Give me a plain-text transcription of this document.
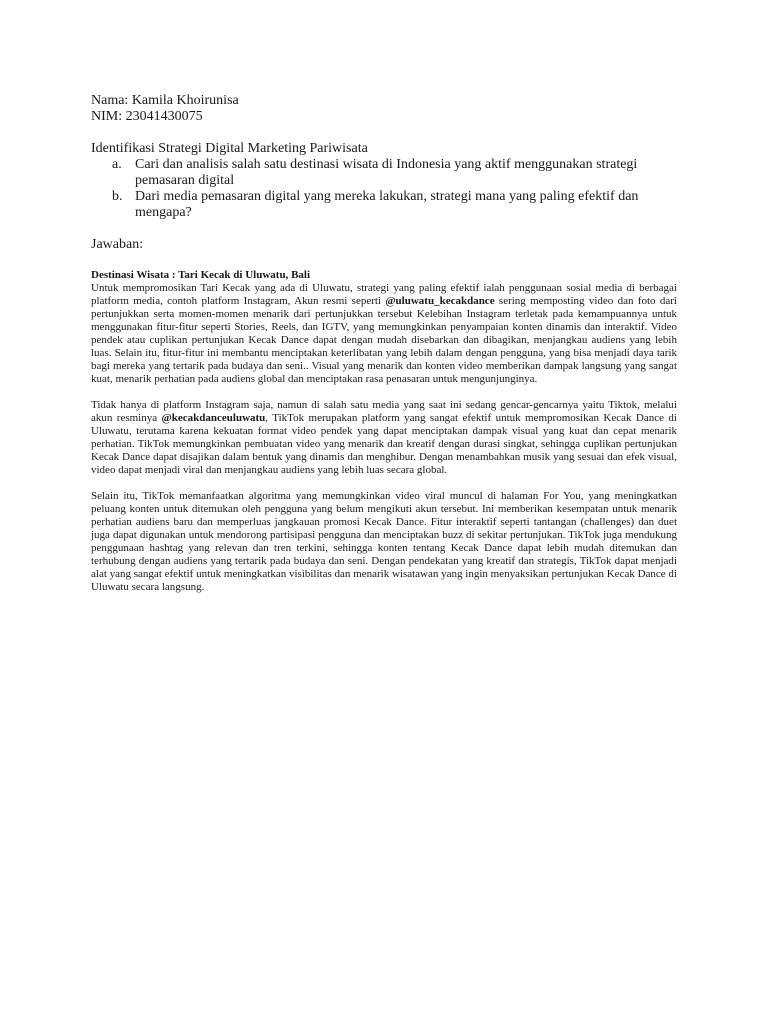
Nama: Kamila Khoirunisa

NIM: 23041430075

Identifikasi Strategi Digital Marketing Pariwisata

a. Cari dan analisis salah satu destinasi wisata di Indonesia yang aktif menggunakan strategi pemasaran digital
b. Dari media pemasaran digital yang mereka lakukan, strategi mana yang paling efektif dan mengapa?

Jawaban:

Destinasi Wisata : Tari Kecak di Uluwatu, Bali

Untuk mempromosikan Tari Kecak yang ada di Uluwatu, strategi yang paling efektif ialah penggunaan sosial media di berbagai platform media, contoh platform Instagram, Akun resmi seperti @uluwatu_kecakdance sering memposting video dan foto dari pertunjukkan serta momen-momen menarik dari pertunjukkan tersebut Kelebihan Instagram terletak pada kemampuannya untuk menggunakan fitur-fitur seperti Stories, Reels, dan IGTV, yang memungkinkan penyampaian konten dinamis dan interaktif. Video pendek atau cuplikan pertunjukan Kecak Dance dapat dengan mudah disebarkan dan dibagikan, menjangkau audiens yang lebih luas. Selain itu, fitur-fitur ini membantu menciptakan keterlibatan yang lebih dalam dengan pengguna, yang bisa menjadi daya tarik bagi mereka yang tertarik pada budaya dan seni.. Visual yang menarik dan konten video memberikan dampak langsung yang sangat kuat, menarik perhatian pada audiens global dan menciptakan rasa penasaran untuk mengunjunginya.

Tidak hanya di platform Instagram saja, namun di salah satu media yang saat ini sedang gencar-gencarnya yaitu Tiktok, melalui akun resminya @kecakdanceuluwatu, TikTok merupakan platform yang sangat efektif untuk mempromosikan Kecak Dance di Uluwatu, terutama karena kekuatan format video pendek yang dapat menciptakan dampak visual yang kuat dan cepat menarik perhatian. TikTok memungkinkan pembuatan video yang menarik dan kreatif dengan durasi singkat, sehingga cuplikan pertunjukan Kecak Dance dapat disajikan dalam bentuk yang dinamis dan menghibur. Dengan menambahkan musik yang sesuai dan efek visual, video dapat menjadi viral dan menjangkau audiens yang lebih luas secara global.

Selain itu, TikTok memanfaatkan algoritma yang memungkinkan video viral muncul di halaman For You, yang meningkatkan peluang konten untuk ditemukan oleh pengguna yang belum mengikuti akun tersebut. Ini memberikan kesempatan untuk menarik perhatian audiens baru dan memperluas jangkauan promosi Kecak Dance. Fitur interaktif seperti tantangan (challenges) dan duet juga dapat digunakan untuk mendorong partisipasi pengguna dan menciptakan buzz di sekitar pertunjukan. TikTok juga mendukung penggunaan hashtag yang relevan dan tren terkini, sehingga konten tentang Kecak Dance dapat lebih mudah ditemukan dan terhubung dengan audiens yang tertarik pada budaya dan seni. Dengan pendekatan yang kreatif dan strategis, TikTok dapat menjadi alat yang sangat efektif untuk meningkatkan visibilitas dan menarik wisatawan yang ingin menyaksikan pertunjukan Kecak Dance di Uluwatu secara langsung.
